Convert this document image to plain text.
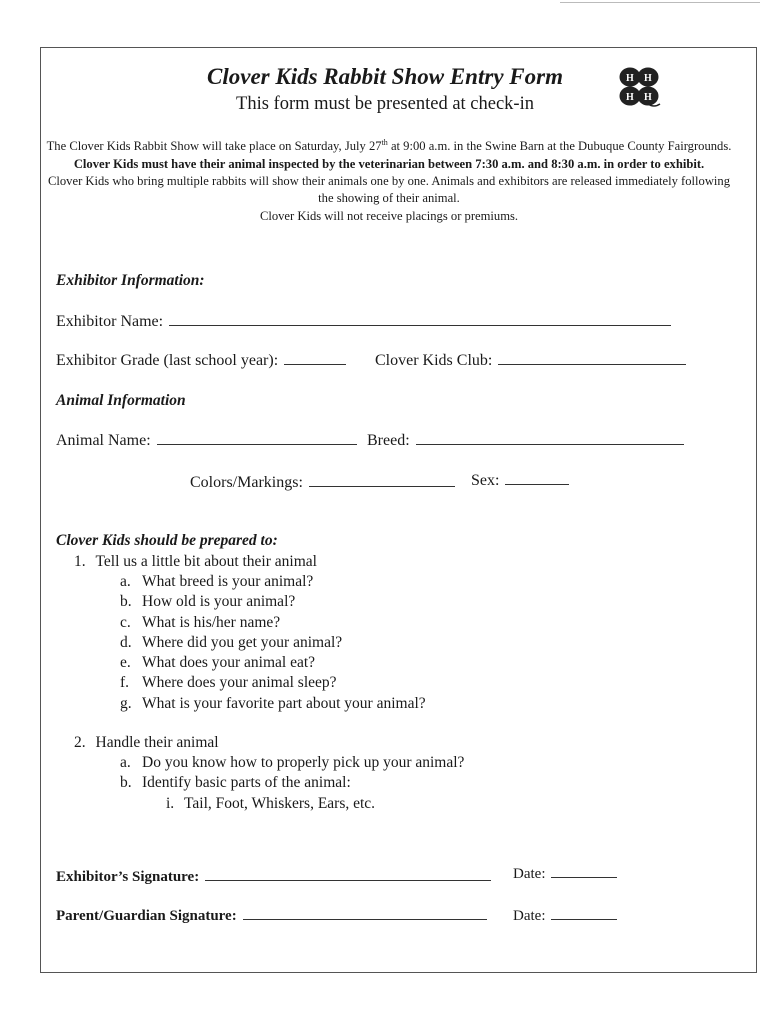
Clover Kids Rabbit Show Entry Form
This form must be presented at check-in
H H
H H

The Clover Kids Rabbit Show will take place on Saturday, July 27th at 9:00 a.m. in the Swine Barn at the Dubuque County Fairgrounds.

Clover Kids must have their animal inspected by the veterinarian between 7:30 a.m. and 8:30 a.m. in order to exhibit.

Clover Kids who bring multiple rabbits will show their animals one by one. Animals and exhibitors are released immediately following the showing of their animal.

Clover Kids will not receive placings or premiums.

Exhibitor Information:
Exhibitor Name:
Exhibitor Grade (last school year):	Clover Kids Club:
Animal Information
Animal Name:	Breed:
Colors/Markings:	Sex:
Clover Kids should be prepared to:
1. Tell us a little bit about their animal
a. What breed is your animal?
b. How old is your animal?
c. What is his/her name?
d. Where did you get your animal?
e. What does your animal eat?
f. Where does your animal sleep?
g. What is your favorite part about your animal?
2. Handle their animal
a. Do you know how to properly pick up your animal?
b. Identify basic parts of the animal:
i. Tail, Foot, Whiskers, Ears, etc.
Exhibitor’s Signature:	Date:
Parent/Guardian Signature:	Date:
